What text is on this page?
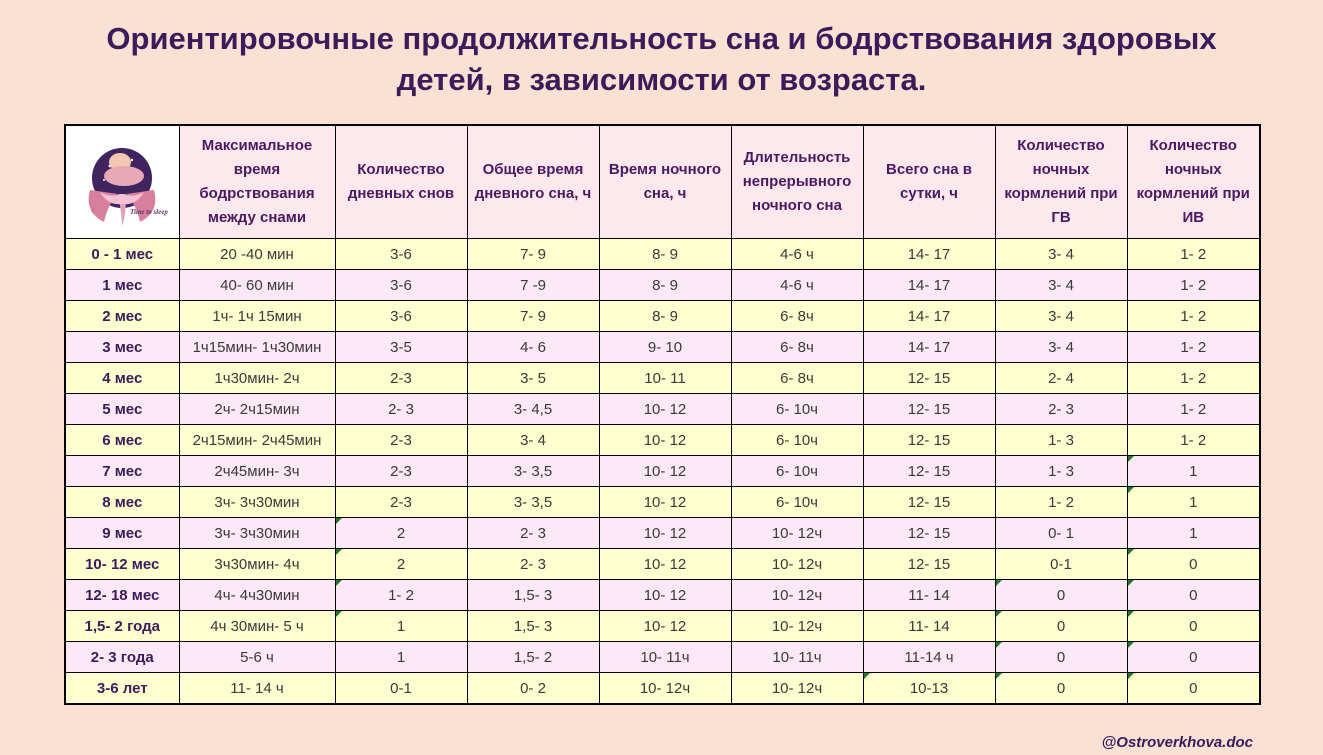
Ориентировочные продолжительность сна и бодрствования здоровых детей, в зависимости от возраста.
Time to sleep	Максимальное время бодрствования между снами	Количество дневных снов	Общее время дневного сна, ч	Время ночного сна, ч	Длительность непрерывного ночного сна	Всего сна в сутки, ч	Количество ночных кормлений при ГВ	Количество ночных кормлений при ИВ
0 - 1 мес	20 -40 мин	3-6	7- 9	8- 9	4-6 ч	14- 17	3- 4	1- 2
1 мес	40- 60 мин	3-6	7 -9	8- 9	4-6 ч	14- 17	3- 4	1- 2
2 мес	1ч- 1ч 15мин	3-6	7- 9	8- 9	6- 8ч	14- 17	3- 4	1- 2
3 мес	1ч15мин- 1ч30мин	3-5	4- 6	9- 10	6- 8ч	14- 17	3- 4	1- 2
4 мес	1ч30мин- 2ч	2-3	3- 5	10- 11	6- 8ч	12- 15	2- 4	1- 2
5 мес	2ч- 2ч15мин	2- 3	3- 4,5	10- 12	6- 10ч	12- 15	2- 3	1- 2
6 мес	2ч15мин- 2ч45мин	2-3	3- 4	10- 12	6- 10ч	12- 15	1- 3	1- 2
7 мес	2ч45мин- 3ч	2-3	3- 3,5	10- 12	6- 10ч	12- 15	1- 3	1
8 мес	3ч- 3ч30мин	2-3	3- 3,5	10- 12	6- 10ч	12- 15	1- 2	1
9 мес	3ч- 3ч30мин	2	2- 3	10- 12	10- 12ч	12- 15	0- 1	1
10- 12 мес	3ч30мин- 4ч	2	2- 3	10- 12	10- 12ч	12- 15	0-1	0
12- 18 мес	4ч- 4ч30мин	1- 2	1,5- 3	10- 12	10- 12ч	11- 14	0	0
1,5- 2 года	4ч 30мин- 5 ч	1	1,5- 3	10- 12	10- 12ч	11- 14	0	0
2- 3 года	5-6 ч	1	1,5- 2	10- 11ч	10- 11ч	11-14 ч	0	0
3-6 лет	11- 14 ч	0-1	0- 2	10- 12ч	10- 12ч	10-13	0	0
@Ostroverkhova.doc
